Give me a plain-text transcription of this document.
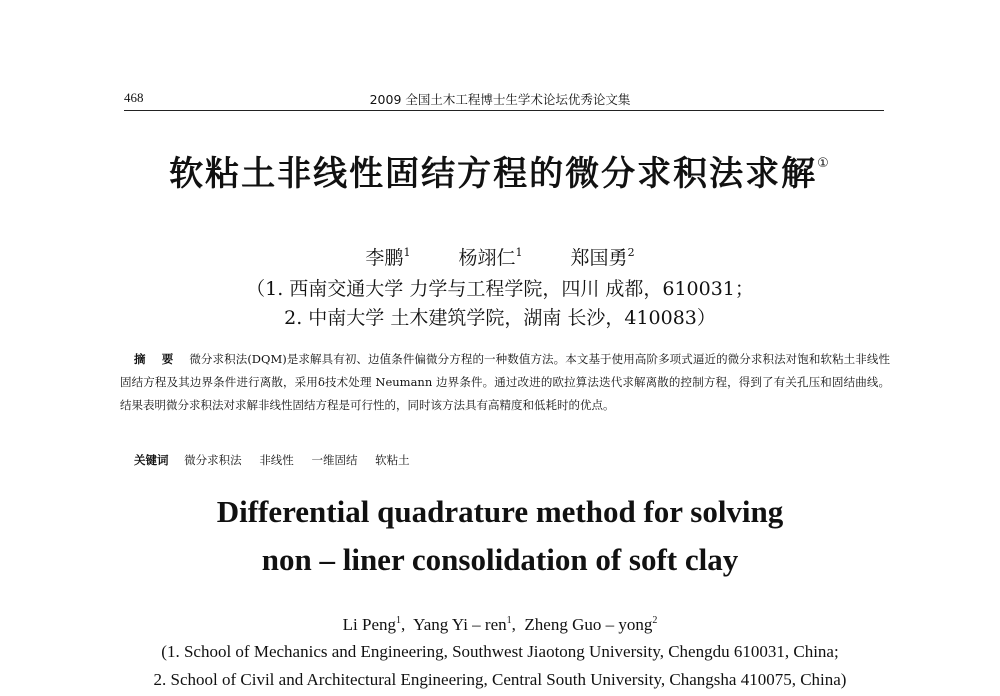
468	2009 全国土木工程博士生学术论坛优秀论文集
软粘土非线性固结方程的微分求积法求解①
李鹏$^1$	杨翊仁$^1$	郑国勇$^2$
（1. 西南交通大学 力学与工程学院，四川 成都，610031；
2. 中南大学 土木建筑学院，湖南 长沙，410083）
摘 要 微分求积法(DQM)是求解具有初、边值条件偏微分方程的一种数值方法。本文基于使用高阶多项式逼近的微分求积法对饱和软粘土非线性固结方程及其边界条件进行离散，采用δ技术处理 Neumann 边界条件。通过改进的欧拉算法迭代求解离散的控制方程，得到了有关孔压和固结曲线。结果表明微分求积法对求解非线性固结方程是可行性的，同时该方法具有高精度和低耗时的优点。
关键词 微分求积法 非线性 一维固结 软粘土
Differential quadrature method for solving
non – liner consolidation of soft clay
Li Peng$^1$,  Yang Yi – ren$^1$,  Zheng Guo – yong$^2$
(1. School of Mechanics and Engineering, Southwest Jiaotong University, Chengdu 610031, China;
2. School of Civil and Architectural Engineering, Central South University, Changsha 410075, China)
